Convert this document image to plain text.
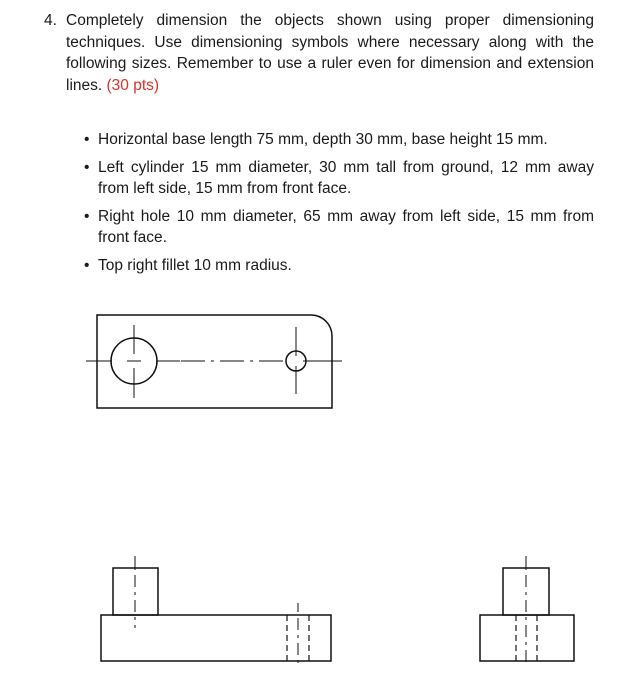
4. Completely dimension the objects shown using proper dimensioning techniques. Use dimensioning symbols where necessary along with the following sizes. Remember to use a ruler even for dimension and extension lines. (30 pts)
• Horizontal base length 75 mm, depth 30 mm, base height 15 mm.
• Left cylinder 15 mm diameter, 30 mm tall from ground, 12 mm away from left side, 15 mm from front face.
• Right hole 10 mm diameter, 65 mm away from left side, 15 mm from front face.
• Top right fillet 10 mm radius.
